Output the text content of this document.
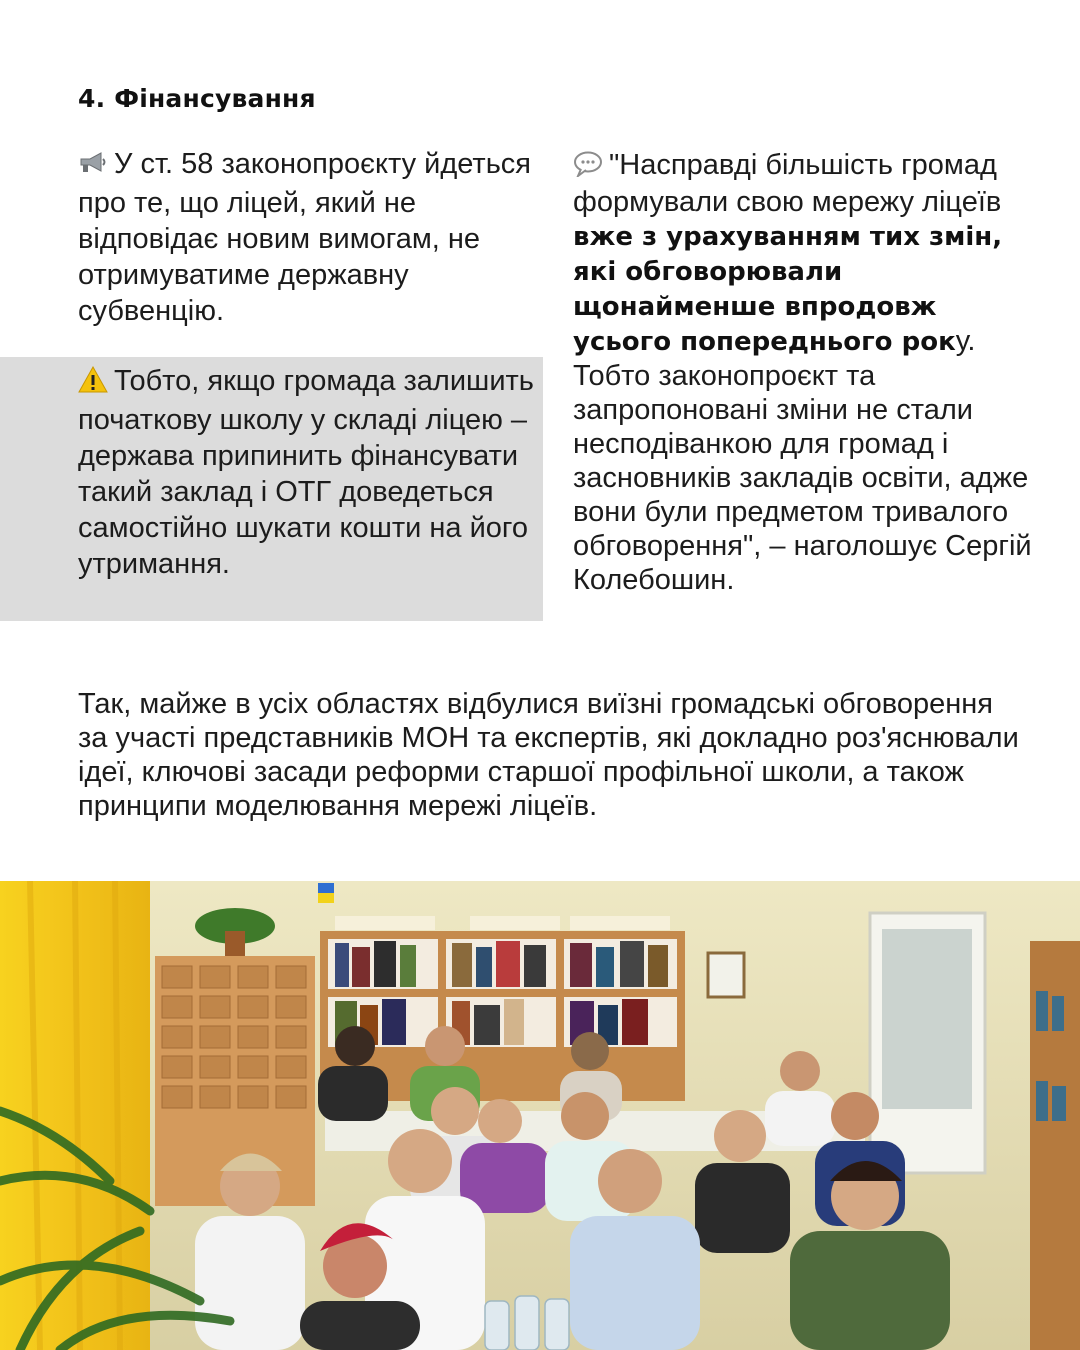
4. Фінансування
У ст. 58 законопроєкту йдеться про те, що ліцей, який не відповідає новим вимогам, не отримуватиме державну субвенцію.
Тобто, якщо громада залишить початкову школу у складі ліцею – держава припинить фінансувати такий заклад і ОТГ доведеться самостійно шукати кошти на його утримання.
"Насправді більшість громад формували свою мережу ліцеїв вже з урахуванням тих змін, які обговорювали щонайменше впродовж усього попереднього року. Тобто законопроєкт та запропоновані зміни не стали несподіванкою для громад і засновників закладів освіти, адже вони були предметом тривалого обговорення", – наголошує Сергій Колебошин.
Так, майже в усіх областях відбулися виїзні громадські обговорення за участі представників МОН та експертів, які докладно роз'яснювали ідеї, ключові засади реформи старшої профільної школи, а також принципи моделювання мережі ліцеїв.
